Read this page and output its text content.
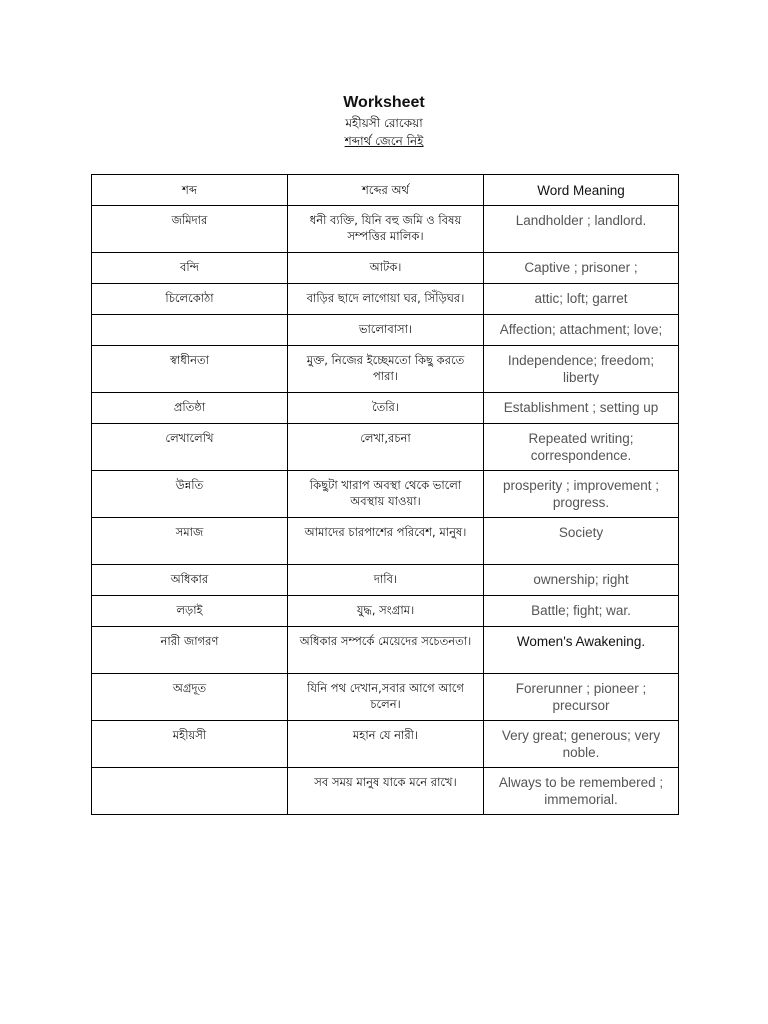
Worksheet
মহীয়সী রোকেয়া
শব্দার্থ জেনে নিই
শব্দ	শব্দের অর্থ	Word Meaning
জমিদার	ধনী ব্যক্তি, যিনি বহু জমি ও বিষয় সম্পত্তির মালিক।	Landholder ; landlord.
বন্দি	আটক।	Captive ; prisoner ;
চিলেকোঠা	বাড়ির ছাদে লাগোয়া ঘর, সিঁড়িঘর।	attic; loft; garret
	ভালোবাসা।	Affection; attachment; love;
স্বাধীনতা	মুক্ত, নিজের ইচ্ছেমতো কিছু করতে পারা।	Independence; freedom; liberty
প্রতিষ্ঠা	তৈরি।	Establishment ; setting up
লেখালেখি	লেখা,রচনা	Repeated writing; correspondence.
উন্নতি	কিছুটা খারাপ অবস্থা থেকে ভালো অবস্থায় যাওয়া।	prosperity ; improvement ; progress.
সমাজ	আমাদের চারপাশের পরিবেশ, মানুষ।	Society
অধিকার	দাবি।	ownership; right
লড়াই	যুদ্ধ, সংগ্রাম।	Battle; fight; war.
নারী জাগরণ	অধিকার সম্পর্কে মেয়েদের সচেতনতা।	Women's Awakening.
অগ্রদূত	যিনি পথ দেখান,সবার আগে আগে চলেন।	Forerunner ; pioneer ; precursor
মহীয়সী	মহান যে নারী।	Very great; generous; very noble.
	সব সময় মানুষ যাকে মনে রাখে।	Always to be remembered ; immemorial.
